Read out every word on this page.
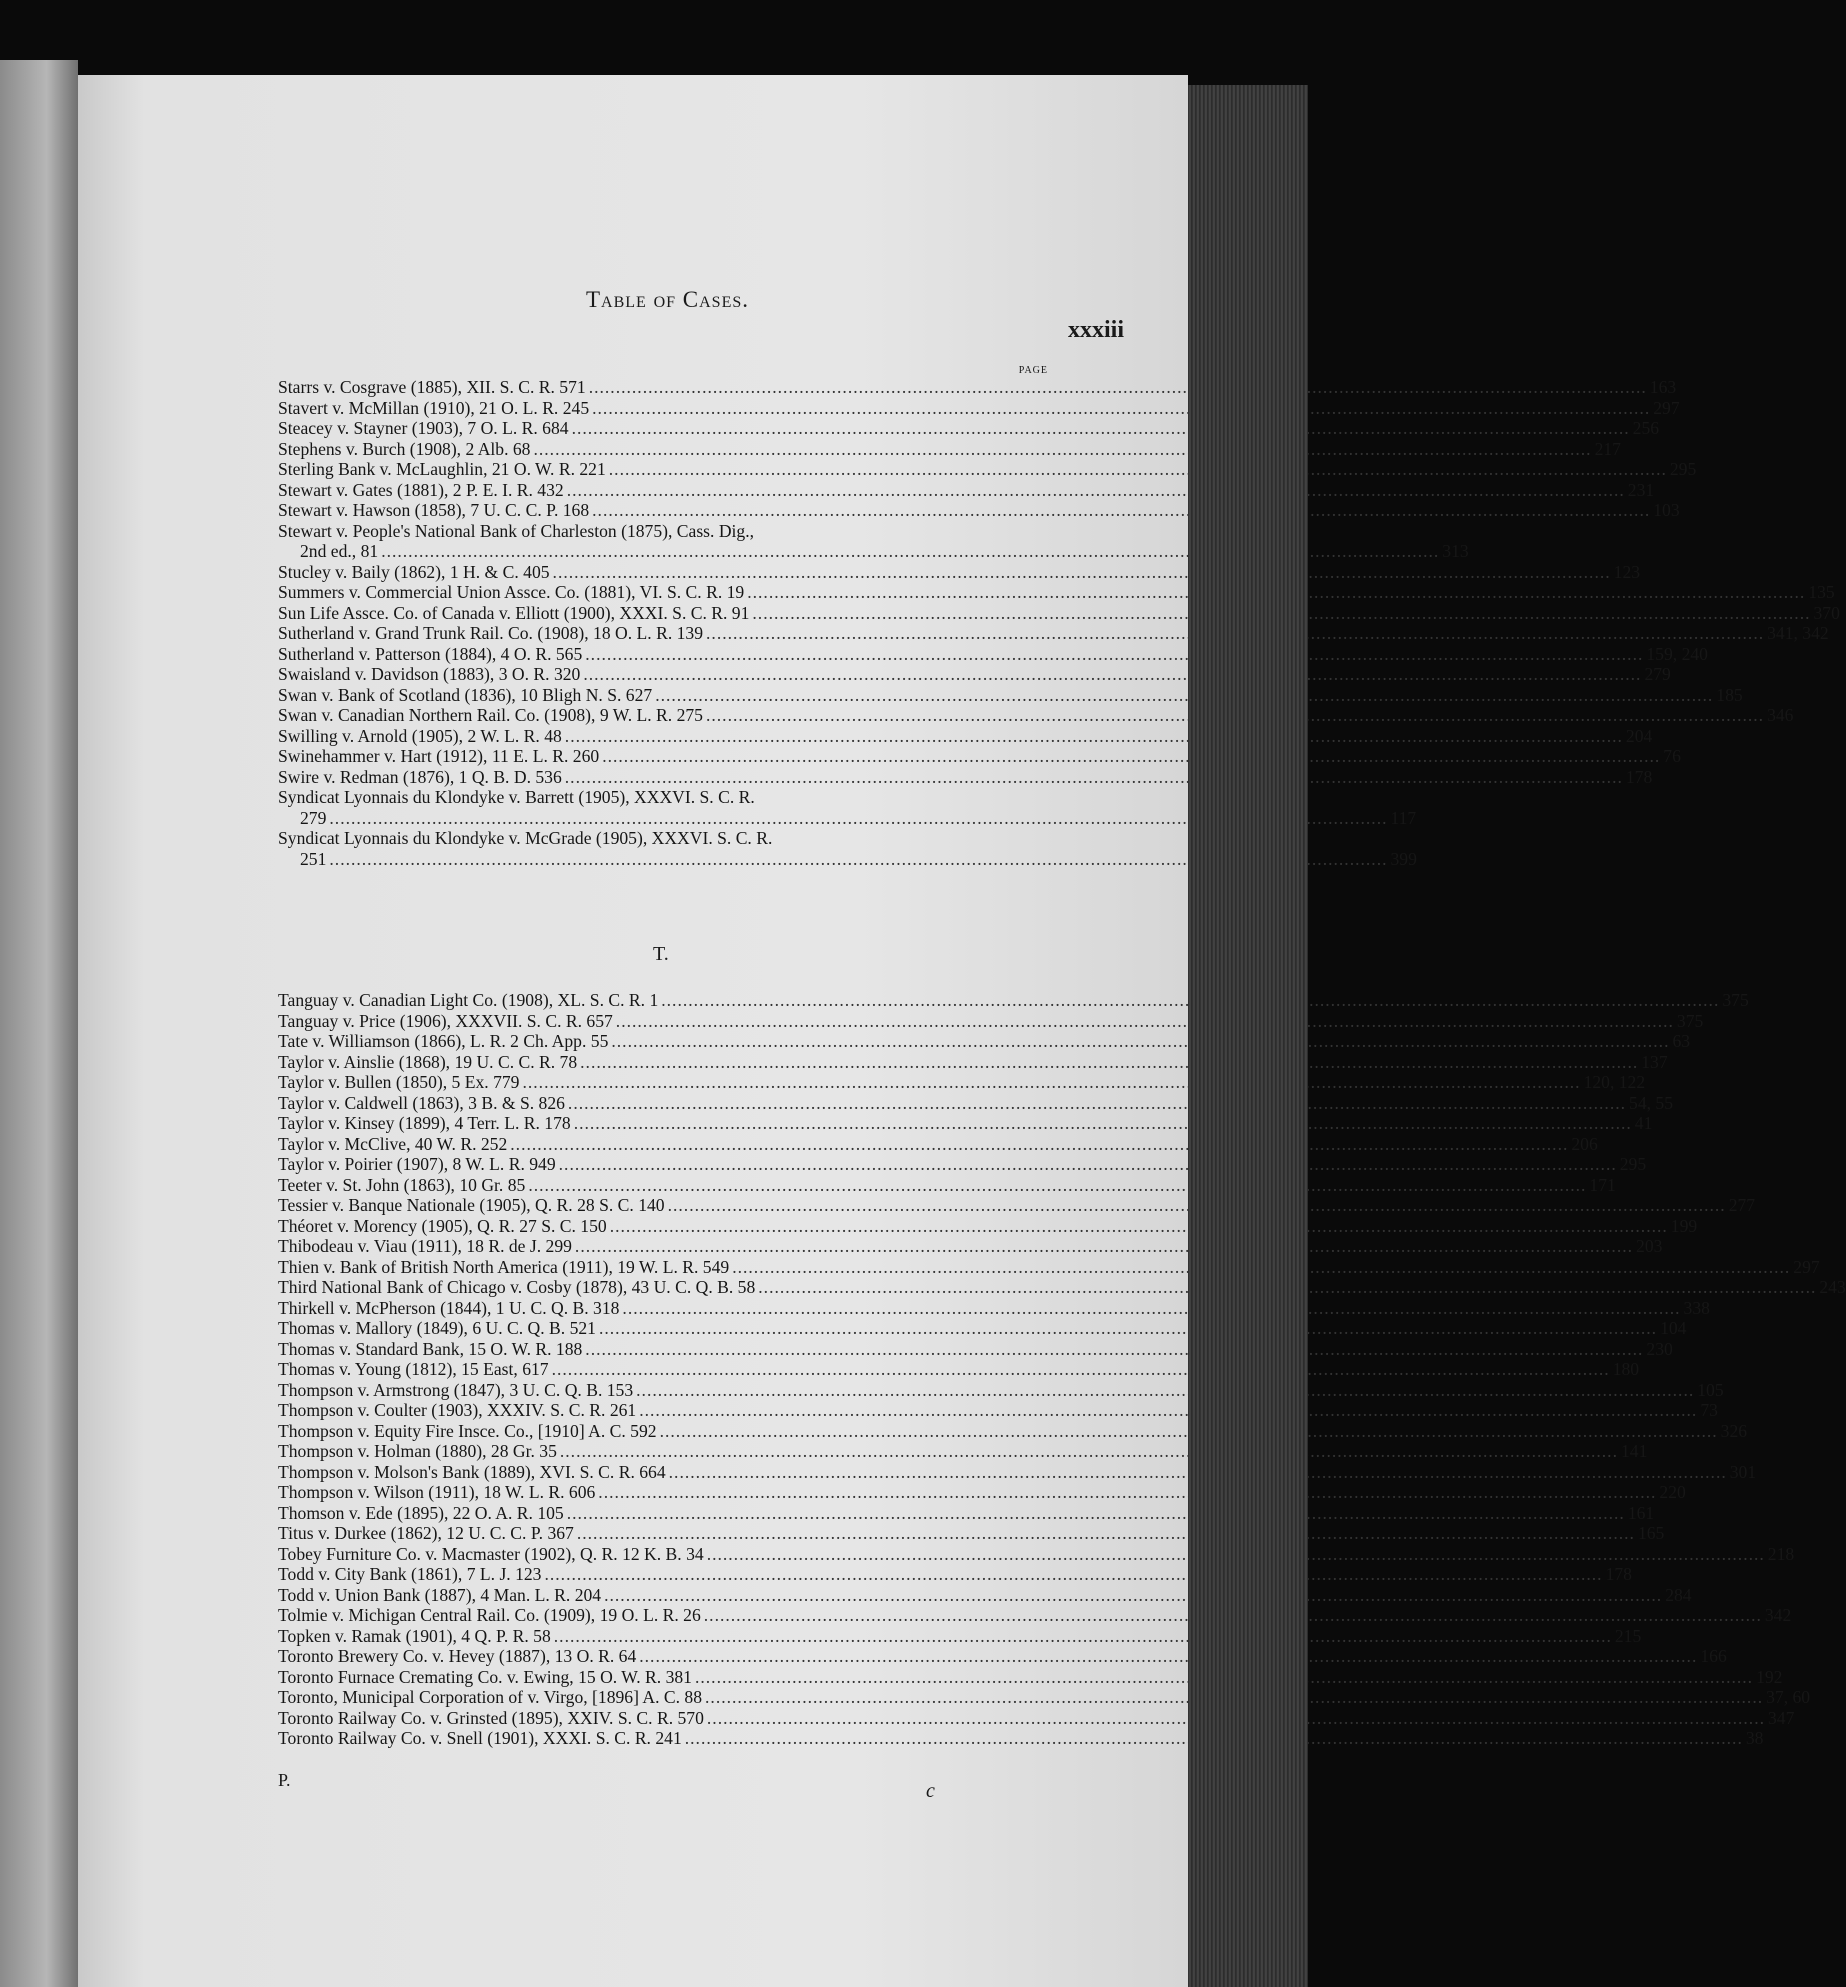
Table of Cases.
xxxiii
PAGE
Starrs v. Cosgrave (1885), XII. S. C. R. 571 .....	163
Stavert v. McMillan (1910), 21 O. L. R. 245 .....	297
Steacey v. Stayner (1903), 7 O. L. R. 684 .....	256
Stephens v. Burch (1908), 2 Alb. 68 .....	217
Sterling Bank v. McLaughlin, 21 O. W. R. 221 .....	295
Stewart v. Gates (1881), 2 P. E. I. R. 432 .....	231
Stewart v. Hawson (1858), 7 U. C. C. P. 168 .....	103
Stewart v. People's National Bank of Charleston (1875), Cass. Dig.,
2nd ed., 81 .....	313
Stucley v. Baily (1862), 1 H. & C. 405 .....	123
Summers v. Commercial Union Assce. Co. (1881), VI. S. C. R. 19 .....	135
Sun Life Assce. Co. of Canada v. Elliott (1900), XXXI. S. C. R. 91 .....	370
Sutherland v. Grand Trunk Rail. Co. (1908), 18 O. L. R. 139 .....	341, 342
Sutherland v. Patterson (1884), 4 O. R. 565 .....	159, 240
Swaisland v. Davidson (1883), 3 O. R. 320 .....	279
Swan v. Bank of Scotland (1836), 10 Bligh N. S. 627 .....	185
Swan v. Canadian Northern Rail. Co. (1908), 9 W. L. R. 275 .....	346
Swilling v. Arnold (1905), 2 W. L. R. 48 .....	204
Swinehammer v. Hart (1912), 11 E. L. R. 260 .....	76
Swire v. Redman (1876), 1 Q. B. D. 536 .....	178
Syndicat Lyonnais du Klondyke v. Barrett (1905), XXXVI. S. C. R.
279 .....	117
Syndicat Lyonnais du Klondyke v. McGrade (1905), XXXVI. S. C. R.
251 .....	399
T.
Tanguay v. Canadian Light Co. (1908), XL. S. C. R. 1 .....	375
Tanguay v. Price (1906), XXXVII. S. C. R. 657 .....	375
Tate v. Williamson (1866), L. R. 2 Ch. App. 55 .....	63
Taylor v. Ainslie (1868), 19 U. C. C. R. 78 .....	137
Taylor v. Bullen (1850), 5 Ex. 779 .....	120, 122
Taylor v. Caldwell (1863), 3 B. & S. 826 .....	54, 55
Taylor v. Kinsey (1899), 4 Terr. L. R. 178 .....	41
Taylor v. McClive, 40 W. R. 252 .....	206
Taylor v. Poirier (1907), 8 W. L. R. 949 .....	295
Teeter v. St. John (1863), 10 Gr. 85 .....	171
Tessier v. Banque Nationale (1905), Q. R. 28 S. C. 140 .....	277
Théoret v. Morency (1905), Q. R. 27 S. C. 150 .....	199
Thibodeau v. Viau (1911), 18 R. de J. 299 .....	203
Thien v. Bank of British North America (1911), 19 W. L. R. 549 .....	297
Third National Bank of Chicago v. Cosby (1878), 43 U. C. Q. B. 58 .....	243
Thirkell v. McPherson (1844), 1 U. C. Q. B. 318 .....	338
Thomas v. Mallory (1849), 6 U. C. Q. B. 521 .....	104
Thomas v. Standard Bank, 15 O. W. R. 188 .....	230
Thomas v. Young (1812), 15 East, 617 .....	180
Thompson v. Armstrong (1847), 3 U. C. Q. B. 153 .....	105
Thompson v. Coulter (1903), XXXIV. S. C. R. 261 .....	73
Thompson v. Equity Fire Insce. Co., [1910] A. C. 592 .....	326
Thompson v. Holman (1880), 28 Gr. 35 .....	141
Thompson v. Molson's Bank (1889), XVI. S. C. R. 664 .....	301
Thompson v. Wilson (1911), 18 W. L. R. 606 .....	220
Thomson v. Ede (1895), 22 O. A. R. 105 .....	161
Titus v. Durkee (1862), 12 U. C. C. P. 367 .....	165
Tobey Furniture Co. v. Macmaster (1902), Q. R. 12 K. B. 34 .....	218
Todd v. City Bank (1861), 7 L. J. 123 .....	178
Todd v. Union Bank (1887), 4 Man. L. R. 204 .....	284
Tolmie v. Michigan Central Rail. Co. (1909), 19 O. L. R. 26 .....	342
Topken v. Ramak (1901), 4 Q. P. R. 58 .....	215
Toronto Brewery Co. v. Hevey (1887), 13 O. R. 64 .....	166
Toronto Furnace Cremating Co. v. Ewing, 15 O. W. R. 381 .....	192
Toronto, Municipal Corporation of v. Virgo, [1896] A. C. 88 .....	37, 60
Toronto Railway Co. v. Grinsted (1895), XXIV. S. C. R. 570 .....	347
Toronto Railway Co. v. Snell (1901), XXXI. S. C. R. 241 .....	38
P.	c
